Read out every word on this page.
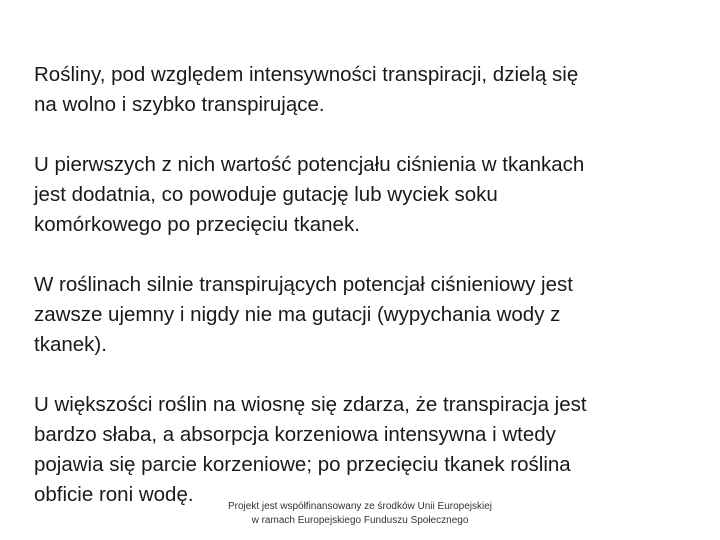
Rośliny, pod względem intensywności transpiracji, dzielą się
na wolno i szybko transpirujące.

U pierwszych z nich wartość potencjału ciśnienia w tkankach
jest dodatnia, co powoduje gutację lub wyciek soku
komórkowego po przecięciu tkanek.

W roślinach silnie transpirujących potencjał ciśnieniowy jest
zawsze ujemny i nigdy nie ma gutacji (wypychania wody z
tkanek).

U większości roślin na wiosnę się zdarza, że transpiracja jest
bardzo słaba, a absorpcja korzeniowa intensywna i wtedy
pojawia się parcie korzeniowe; po przecięciu tkanek roślina
obficie roni wodę.

Projekt jest współfinansowany ze środków Unii Europejskiej
w ramach Europejskiego Funduszu Społecznego
